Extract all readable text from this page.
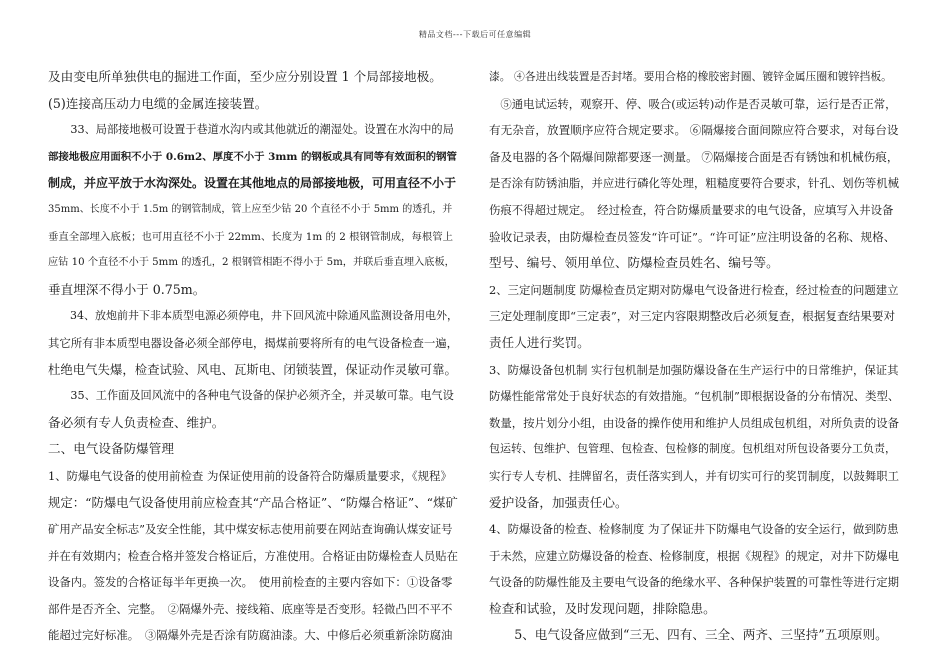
精品文档---下载后可任意编辑
及由变电所单独供电的掘进工作面，至少应分别设置 1 个局部接地极。
(5)连接高压动力电缆的金属连接装置。
　　33、局部接地极可设置于巷道水沟内或其他就近的潮湿处。设置在水沟中的局
部接地极应用面积不小于 0.6m2、厚度不小于 3mm 的钢板或具有同等有效面积的钢管
制成，并应平放于水沟深处。设置在其他地点的局部接地极，可用直径不小于
35mm、长度不小于 1.5m 的钢管制成，管上应至少钻 20 个直径不小于 5mm 的透孔，并
垂直全部埋入底板；也可用直径不小于 22mm、长度为 1m 的 2 根钢管制成，每根管上
应钻 10 个直径不小于 5mm 的透孔，2 根钢管相距不得小于 5m，并联后垂直埋入底板，
垂直埋深不得小于 0.75m。
　　34、放炮前井下非本质型电源必须停电，井下回风流中除通风监测设备用电外，
其它所有非本质型电器设备必须全部停电，揭煤前要将所有的电气设备检查一遍，
杜绝电气失爆，检查试验、风电、瓦斯电、闭锁装置，保证动作灵敏可靠。
　　35、工作面及回风流中的各种电气设备的保护必须齐全，并灵敏可靠。电气设
备必须有专人负责检查、维护。
二、电气设备防爆管理
1、防爆电气设备的使用前检查 为保证使用前的设备符合防爆质量要求，《规程》
规定：“防爆电气设备使用前应检查其“产品合格证”、“防爆合格证”、“煤矿
矿用产品安全标志”及安全性能，其中煤安标志使用前要在网站查询确认煤安证号
并在有效期内；检查合格并签发合格证后，方准使用。合格证由防爆检查人员贴在
设备内。签发的合格证每半年更换一次。　使用前检查的主要内容如下：①设备零
部件是否齐全、完整。　②隔爆外壳、接线箱、底座等是否变形。轻微凸凹不平不
能超过完好标准。　③隔爆外壳是否涂有防腐油漆。大、中修后必须重新涂防腐油
漆。 ④各进出线装置是否封堵。要用合格的橡胶密封圈、镀锌金属压圈和镀锌挡板。
　⑤通电试运转，观察开、停、吸合(或运转)动作是否灵敏可靠，运行是否正常，
有无杂音，放置顺序应符合规定要求。 ⑥隔爆接合面间隙应符合要求，对每台设
备及电器的各个隔爆间隙都要逐一测量。 ⑦隔爆接合面是否有锈蚀和机械伤痕，
是否涂有防锈油脂，并应进行磷化等处理，粗糙度要符合要求，针孔、划伤等机械
伤痕不得超过规定。　经过检查，符合防爆质量要求的电气设备，应填写入井设备
验收记录表，由防爆检查员签发“许可证”。“许可证”应注明设备的名称、规格、
型号、编号、领用单位、防爆检查员姓名、编号等。
2、三定问题制度 防爆检查员定期对防爆电气设备进行检查，经过检查的问题建立
三定处理制度即“三定表”，对三定内容限期整改后必须复查，根据复查结果要对
责任人进行奖罚。
3、防爆设备包机制 实行包机制是加强防爆设备在生产运行中的日常维护，保证其
防爆性能常常处于良好状态的有效措施。“包机制”即根据设备的分布情况、类型、
数量，按片划分小组，由设备的操作使用和维护人员组成包机组，对所负责的设备
包运转、包维护、包管理、包检查、包检修的制度。包机组对所包设备要分工负责，
实行专人专机、挂牌留名，责任落实到人，并有切实可行的奖罚制度，以鼓舞职工
爱护设备，加强责任心。
4、防爆设备的检查、检修制度 为了保证井下防爆电气设备的安全运行，做到防患
于未然，应建立防爆设备的检查、检修制度，根据《规程》的规定，对井下防爆电
气设备的防爆性能及主要电气设备的绝缘水平、各种保护装置的可靠性等进行定期
检查和试验，及时发现问题，排除隐患。
　　5、电气设备应做到“三无、四有、三全、两齐、三坚持”五项原则。
